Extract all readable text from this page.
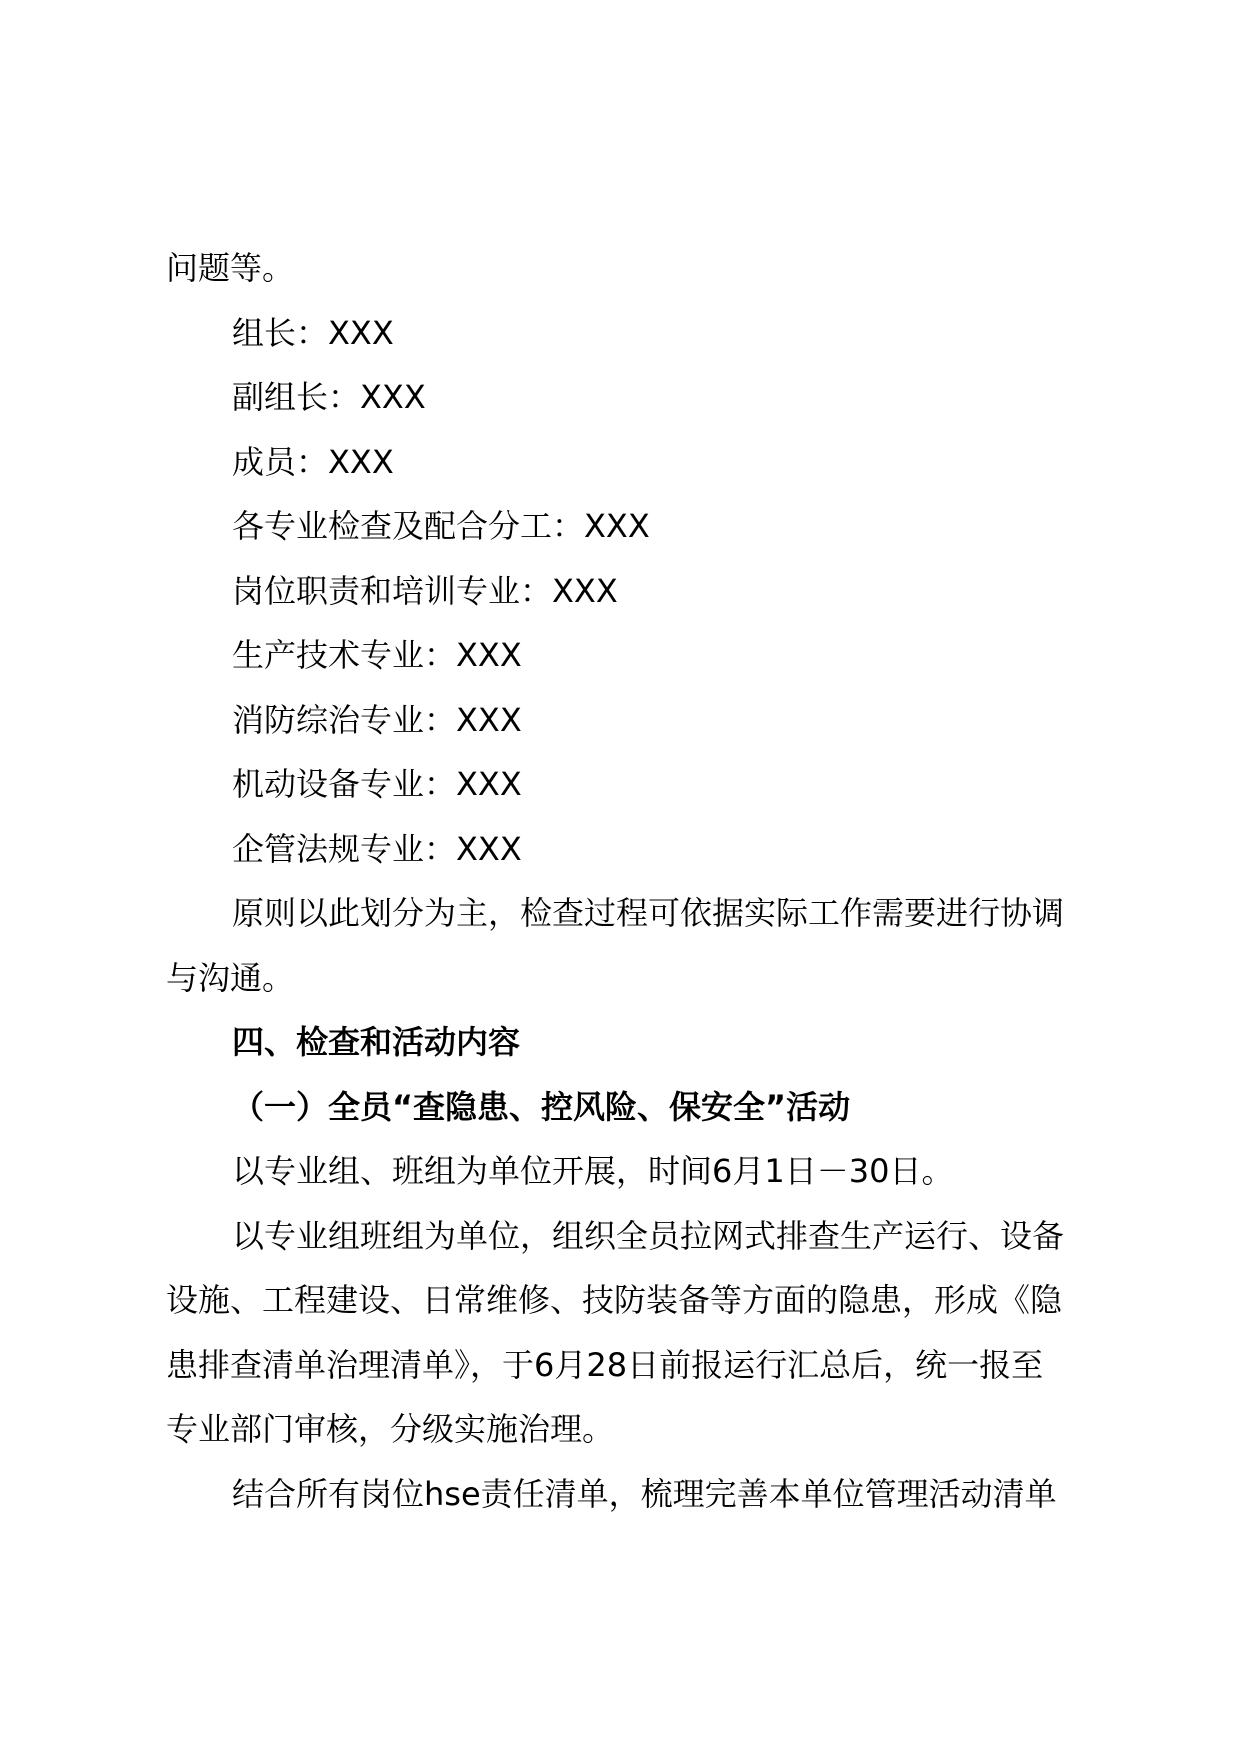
问题等。

组长：XXX

副组长：XXX

成员：XXX

各专业检查及配合分工：XXX

岗位职责和培训专业：XXX

生产技术专业：XXX

消防综治专业：XXX

机动设备专业：XXX

企管法规专业：XXX

原则以此划分为主，检查过程可依据实际工作需要进行协调

与沟通。

四、检查和活动内容

（一）全员“查隐患、控风险、保安全”活动

以专业组、班组为单位开展，时间6月1日－30日。

以专业组班组为单位，组织全员拉网式排查生产运行、设备

设施、工程建设、日常维修、技防装备等方面的隐患，形成《隐

患排查清单治理清单》，于6月28日前报运行汇总后，统一报至

专业部门审核，分级实施治理。

结合所有岗位hse责任清单，梳理完善本单位管理活动清单
